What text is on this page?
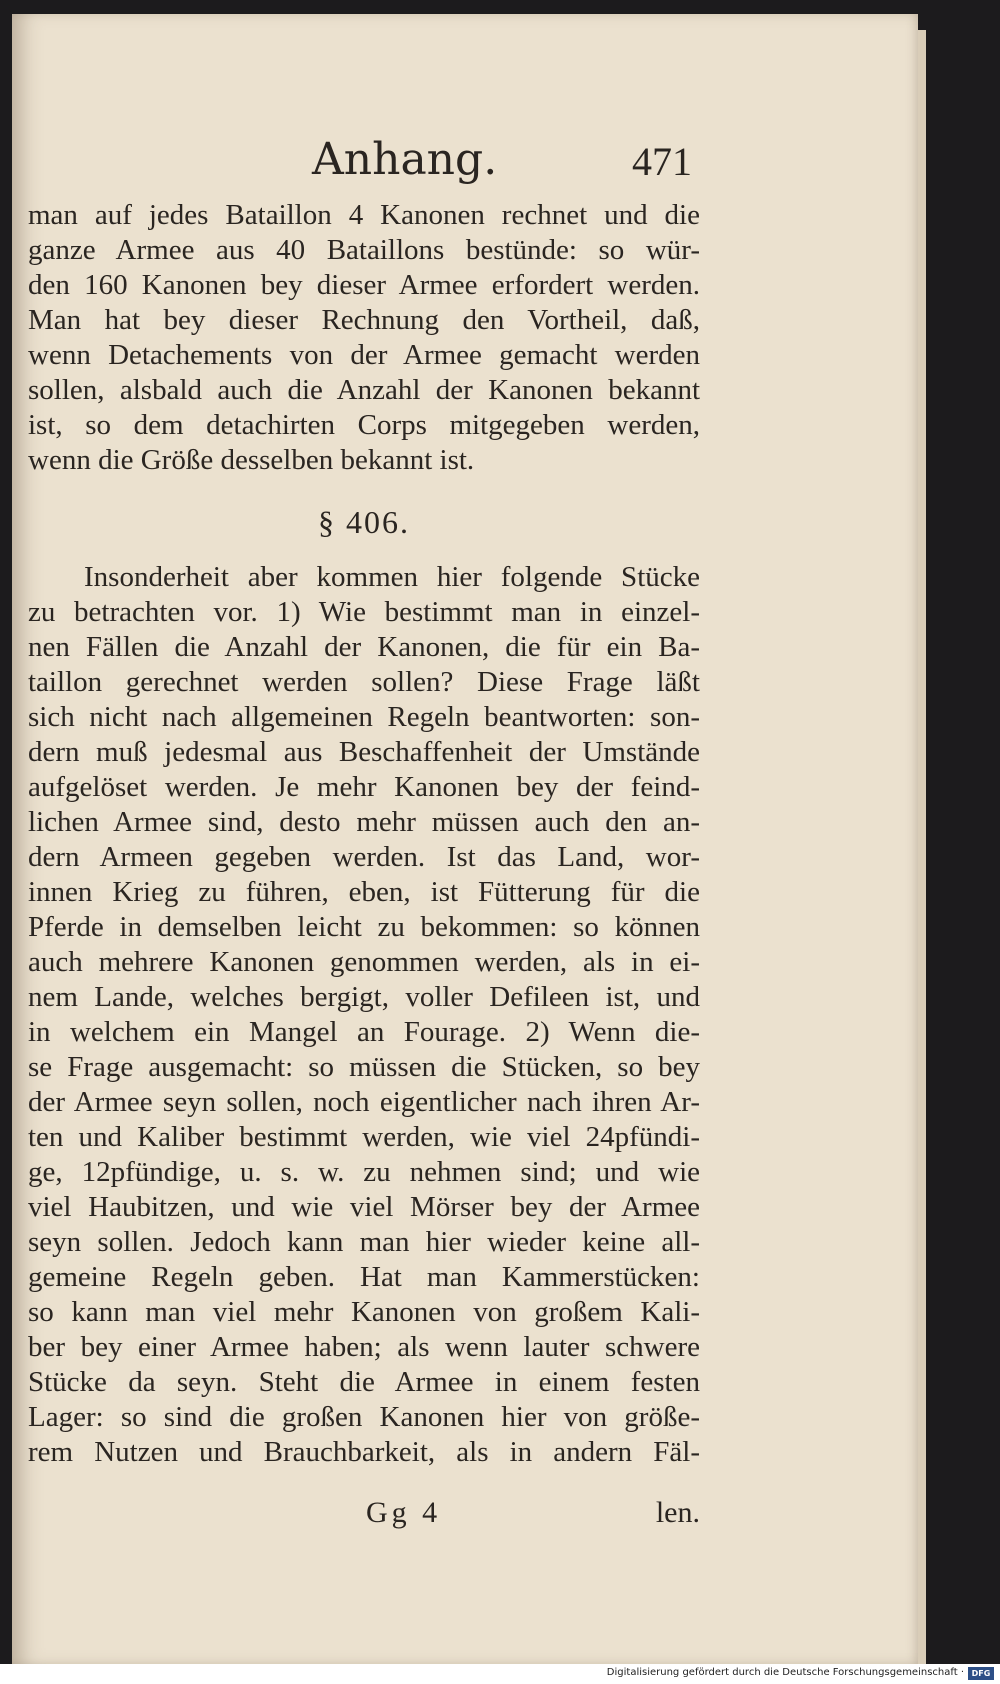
Anhang.	471
man auf jedes Bataillon 4 Kanonen rechnet und die
ganze Armee aus 40 Bataillons bestünde: so wür-
den 160 Kanonen bey dieser Armee erfordert werden.
Man hat bey dieser Rechnung den Vortheil, daß,
wenn Detachements von der Armee gemacht werden
sollen, alsbald auch die Anzahl der Kanonen bekannt
ist, so dem detachirten Corps mitgegeben werden,
wenn die Größe desselben bekannt ist.
§ 406.
Insonderheit aber kommen hier folgende Stücke
zu betrachten vor. 1) Wie bestimmt man in einzel-
nen Fällen die Anzahl der Kanonen, die für ein Ba-
taillon gerechnet werden sollen? Diese Frage läßt
sich nicht nach allgemeinen Regeln beantworten: son-
dern muß jedesmal aus Beschaffenheit der Umstände
aufgelöset werden. Je mehr Kanonen bey der feind-
lichen Armee sind, desto mehr müssen auch den an-
dern Armeen gegeben werden. Ist das Land, wor-
innen Krieg zu führen, eben, ist Fütterung für die
Pferde in demselben leicht zu bekommen: so können
auch mehrere Kanonen genommen werden, als in ei-
nem Lande, welches bergigt, voller Defileen ist, und
in welchem ein Mangel an Fourage. 2) Wenn die-
se Frage ausgemacht: so müssen die Stücken, so bey
der Armee seyn sollen, noch eigentlicher nach ihren Ar-
ten und Kaliber bestimmt werden, wie viel 24pfündi-
ge, 12pfündige, u. s. w. zu nehmen sind; und wie
viel Haubitzen, und wie viel Mörser bey der Armee
seyn sollen. Jedoch kann man hier wieder keine all-
gemeine Regeln geben. Hat man Kammerstücken:
so kann man viel mehr Kanonen von großem Kali-
ber bey einer Armee haben; als wenn lauter schwere
Stücke da seyn. Steht die Armee in einem festen
Lager: so sind die großen Kanonen hier von größe-
rem Nutzen und Brauchbarkeit, als in andern Fäl-
Gg 4	len.
Digitalisierung gefördert durch die Deutsche Forschungsgemeinschaft · DFG
